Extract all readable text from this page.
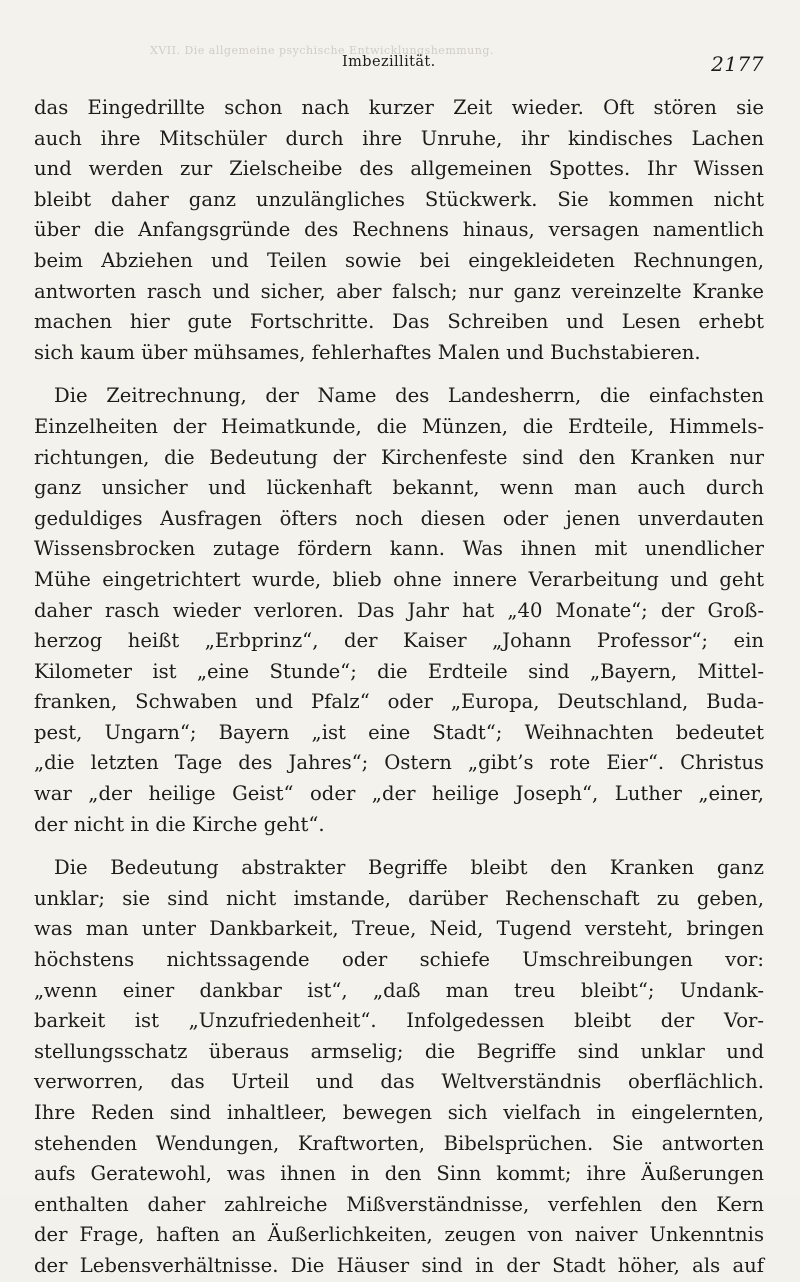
XVII. Die allgemeine psychische Entwicklungshemmung.
Imbezillität.	2177
das Eingedrillte schon nach kurzer Zeit wieder. Oft stören sie
auch ihre Mitschüler durch ihre Unruhe, ihr kindisches Lachen
und werden zur Zielscheibe des allgemeinen Spottes. Ihr Wissen
bleibt daher ganz unzulängliches Stückwerk. Sie kommen nicht
über die Anfangsgründe des Rechnens hinaus, versagen namentlich
beim Abziehen und Teilen sowie bei eingekleideten Rechnungen,
antworten rasch und sicher, aber falsch; nur ganz vereinzelte Kranke
machen hier gute Fortschritte. Das Schreiben und Lesen erhebt
sich kaum über mühsames, fehlerhaftes Malen und Buchstabieren.
Die Zeitrechnung, der Name des Landesherrn, die einfachsten
Einzelheiten der Heimatkunde, die Münzen, die Erdteile, Himmels-
richtungen, die Bedeutung der Kirchenfeste sind den Kranken nur
ganz unsicher und lückenhaft bekannt, wenn man auch durch
geduldiges Ausfragen öfters noch diesen oder jenen unverdauten
Wissensbrocken zutage fördern kann. Was ihnen mit unendlicher
Mühe eingetrichtert wurde, blieb ohne innere Verarbeitung und geht
daher rasch wieder verloren. Das Jahr hat „40 Monate“; der Groß-
herzog heißt „Erbprinz“, der Kaiser „Johann Professor“; ein
Kilometer ist „eine Stunde“; die Erdteile sind „Bayern, Mittel-
franken, Schwaben und Pfalz“ oder „Europa, Deutschland, Buda-
pest, Ungarn“; Bayern „ist eine Stadt“; Weihnachten bedeutet
„die letzten Tage des Jahres“; Ostern „gibt’s rote Eier“. Christus
war „der heilige Geist“ oder „der heilige Joseph“, Luther „einer,
der nicht in die Kirche geht“.
Die Bedeutung abstrakter Begriffe bleibt den Kranken ganz
unklar; sie sind nicht imstande, darüber Rechenschaft zu geben,
was man unter Dankbarkeit, Treue, Neid, Tugend versteht, bringen
höchstens nichtssagende oder schiefe Umschreibungen vor:
„wenn einer dankbar ist“, „daß man treu bleibt“; Undank-
barkeit ist „Unzufriedenheit“. Infolgedessen bleibt der Vor-
stellungsschatz überaus armselig; die Begriffe sind unklar und
verworren, das Urteil und das Weltverständnis oberflächlich.
Ihre Reden sind inhaltleer, bewegen sich vielfach in eingelernten,
stehenden Wendungen, Kraftworten, Bibelsprüchen. Sie antworten
aufs Geratewohl, was ihnen in den Sinn kommt; ihre Äußerungen
enthalten daher zahlreiche Mißverständnisse, verfehlen den Kern
der Frage, haften an Äußerlichkeiten, zeugen von naiver Unkenntnis
der Lebensverhältnisse. Die Häuser sind in der Stadt höher, als auf
